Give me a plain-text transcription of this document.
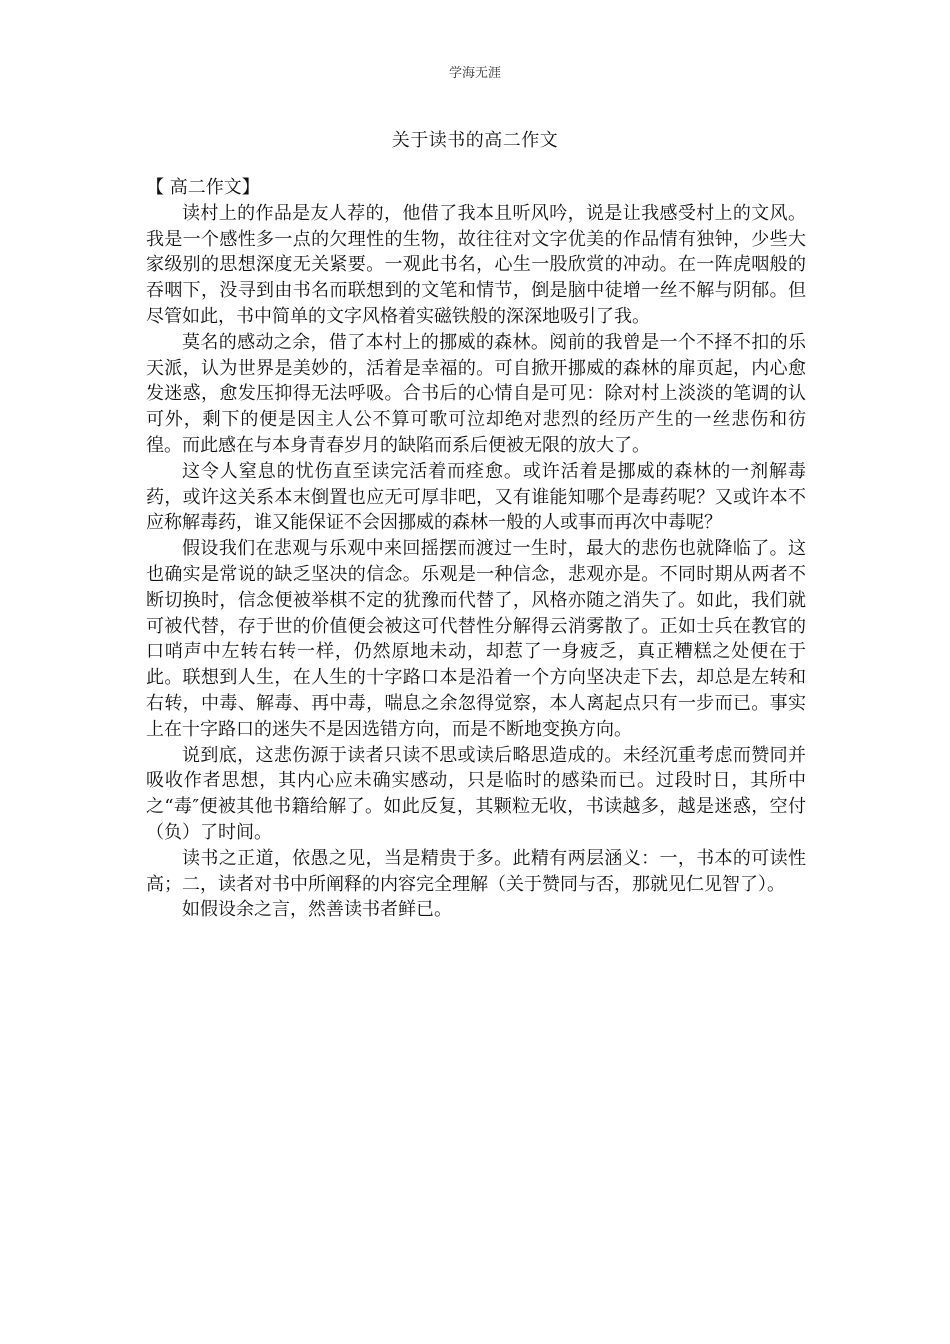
学海无涯
关于读书的高二作文

【 高二作文】

读村上的作品是友人荐的，他借了我本且听风吟，说是让我感受村上的文风。我是一个感性多一点的欠理性的生物，故往往对文字优美的作品情有独钟，少些大家级别的思想深度无关紧要。一观此书名，心生一股欣赏的冲动。在一阵虎咽般的吞咽下，没寻到由书名而联想到的文笔和情节，倒是脑中徒增一丝不解与阴郁。但尽管如此，书中简单的文字风格着实磁铁般的深深地吸引了我。

莫名的感动之余，借了本村上的挪威的森林。阅前的我曾是一个不择不扣的乐天派，认为世界是美妙的，活着是幸福的。可自掀开挪威的森林的扉页起，内心愈发迷惑，愈发压抑得无法呼吸。合书后的心情自是可见：除对村上淡淡的笔调的认可外，剩下的便是因主人公不算可歌可泣却绝对悲烈的经历产生的一丝悲伤和彷徨。而此感在与本身青春岁月的缺陷而系后便被无限的放大了。

这令人窒息的忧伤直至读完活着而痊愈。或许活着是挪威的森林的一剂解毒药，或许这关系本末倒置也应无可厚非吧，又有谁能知哪个是毒药呢？又或许本不应称解毒药，谁又能保证不会因挪威的森林一般的人或事而再次中毒呢？

假设我们在悲观与乐观中来回摇摆而渡过一生时，最大的悲伤也就降临了。这也确实是常说的缺乏坚决的信念。乐观是一种信念，悲观亦是。不同时期从两者不断切换时，信念便被举棋不定的犹豫而代替了，风格亦随之消失了。如此，我们就可被代替，存于世的价值便会被这可代替性分解得云消雾散了。正如士兵在教官的口哨声中左转右转一样，仍然原地未动，却惹了一身疲乏，真正糟糕之处便在于此。联想到人生，在人生的十字路口本是沿着一个方向坚决走下去，却总是左转和右转，中毒、解毒、再中毒，喘息之余忽得觉察，本人离起点只有一步而已。事实上在十字路口的迷失不是因选错方向，而是不断地变换方向。

说到底，这悲伤源于读者只读不思或读后略思造成的。未经沉重考虑而赞同并吸收作者思想，其内心应未确实感动，只是临时的感染而已。过段时日，其所中之“毒″便被其他书籍给解了。如此反复，其颗粒无收，书读越多，越是迷惑，空付（负）了时间。

读书之正道，依愚之见，当是精贵于多。此精有两层涵义：一，书本的可读性高；二，读者对书中所阐释的内容完全理解（关于赞同与否，那就见仁见智了）。

如假设余之言，然善读书者鲜已。
